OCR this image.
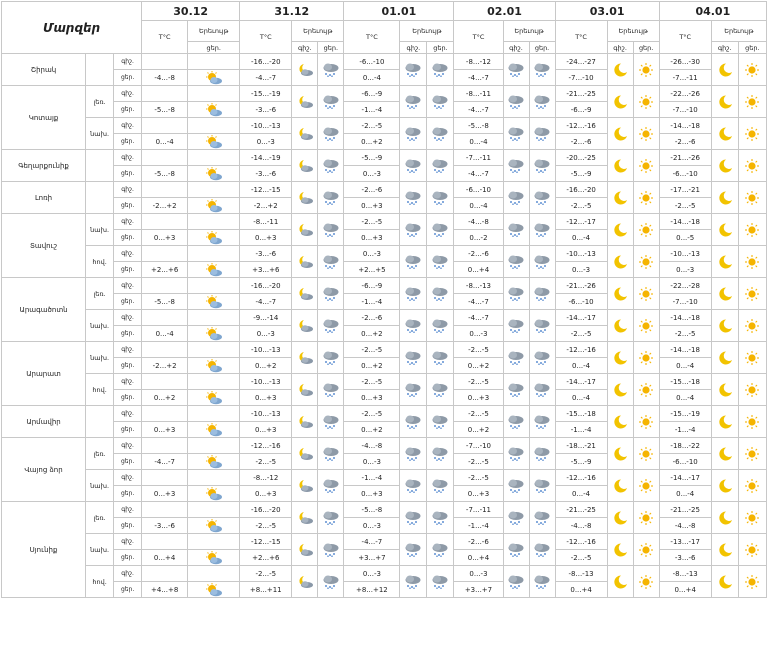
Մարզեր			30.12		31.12			01.01			02.01			03.01			04.01		
			T°C	Երեւույթ	T°C	Երեւույթ		T°C	Երեւույթ		T°C	Երեւույթ		T°C	Երեւույթ		T°C	Երեւույթ	
				ցեր.		գիշ.	ցեր.		գիշ.	ցեր.		գիշ.	ցեր.		գիշ.	ցեր.		գիշ.	ցեր.
Շիրակ		գիշ.			-16...-20			-6...-10			-8...-12			-24...-27			-26...-30	

		ցեր.	-4...-8		-4...-7			0...-4			-4...-7			-7...-10			-7...-11		
Կոտայք	լեռ.	գիշ.			-15...-19			-6...-9			-8...-11			-21...-25			-22...-26	

		ցեր.	-5...-8		-3...-6			-1...-4			-4...-7			-6...-9			-7...-10		
	նախ.	գիշ.			-10...-13			-2...-5			-5...-8			-12...-16			-14...-18	

		ցեր.	0...-4		0...-3			0...+2			0...-4			-2...-6			-2...-6		
Գեղարքունիք		գիշ.			-14...-19			-5...-9			-7...-11			-20...-25			-21...-26	

		ցեր.	-5...-8		-3...-6			0...-3			-4...-7			-5...-9			-6...-10		
Լոռի		գիշ.			-12...-15			-2...-6			-6...-10			-16...-20			-17...-21	

		ցեր.	-2...+2		-2...+2			0...+3			0...-4			-2...-5			-2...-5		
Տավուշ	նախ.	գիշ.			-8...-11			-2...-5			-4...-8			-12...-17			-14...-18	

		ցեր.	0...+3		0...+3			0...+3			0...-2			0...-4			0...-5		
	հով.	գիշ.			-3...-6			0...-3			-2...-6			-10...-13			-10...-13	

		ցեր.	+2...+6		+3...+6			+2...+5			0...+4			0...-3			0...-3		
Արագածոտն	լեռ.	գիշ.			-16...-20			-6...-9			-8...-13			-21...-26			-22...-28	

		ցեր.	-5...-8		-4...-7			-1...-4			-4...-7			-6...-10			-7...-10		
	նախ.	գիշ.			-9...-14			-2...-6			-4...-7			-14...-17			-14...-18	

		ցեր.	0...-4		0...-3			0...+2			0...-3			-2...-5			-2...-5		
Արարատ	նախ.	գիշ.			-10...-13			-2...-5			-2...-5			-12...-16			-14...-18	

		ցեր.	-2...+2		0...+2			0...+2			0...+2			0...-4			0...-4		
	հով.	գիշ.			-10...-13			-2...-5			-2...-5			-14...-17			-15...-18	

		ցեր.	0...+2		0...+3			0...+3			0...+3			0...-4			0...-4		
Արմավիր		գիշ.			-10...-13			-2...-5			-2...-5			-15...-18			-15...-19	

		ցեր.	0...+3		0...+3			0...+2			0...+2			-1...-4			-1...-4		
Վայոց ձոր	լեռ.	գիշ.			-12...-16			-4...-8			-7...-10			-18...-21			-18...-22	

		ցեր.	-4...-7		-2...-5			0...-3			-2...-5			-5...-9			-6...-10		
	նախ.	գիշ.			-8...-12			-1...-4			-2...-5			-12...-16			-14...-17	

		ցեր.	0...+3		0...+3			0...+3			0...+3			0...-4			0...-4		
Սյունիք	լեռ.	գիշ.			-16...-20			-5...-8			-7...-11			-21...-25			-21...-25	

		ցեր.	-3...-6		-2...-5			0...-3			-1...-4			-4...-8			-4...-8		
	նախ.	գիշ.			-12...-15			-4...-7			-2...-6			-12...-16			-13...-17	

		ցեր.	0...+4		+2...+6			+3...+7			0...+4			-2...-5			-3...-6		
	հով.	գիշ.			-2...-5			0...-3			0...-3			-8...-13			-8...-13	

		ցեր.	+4...+8		+8...+11			+8...+12			+3...+7			0...+4			0...+4		
